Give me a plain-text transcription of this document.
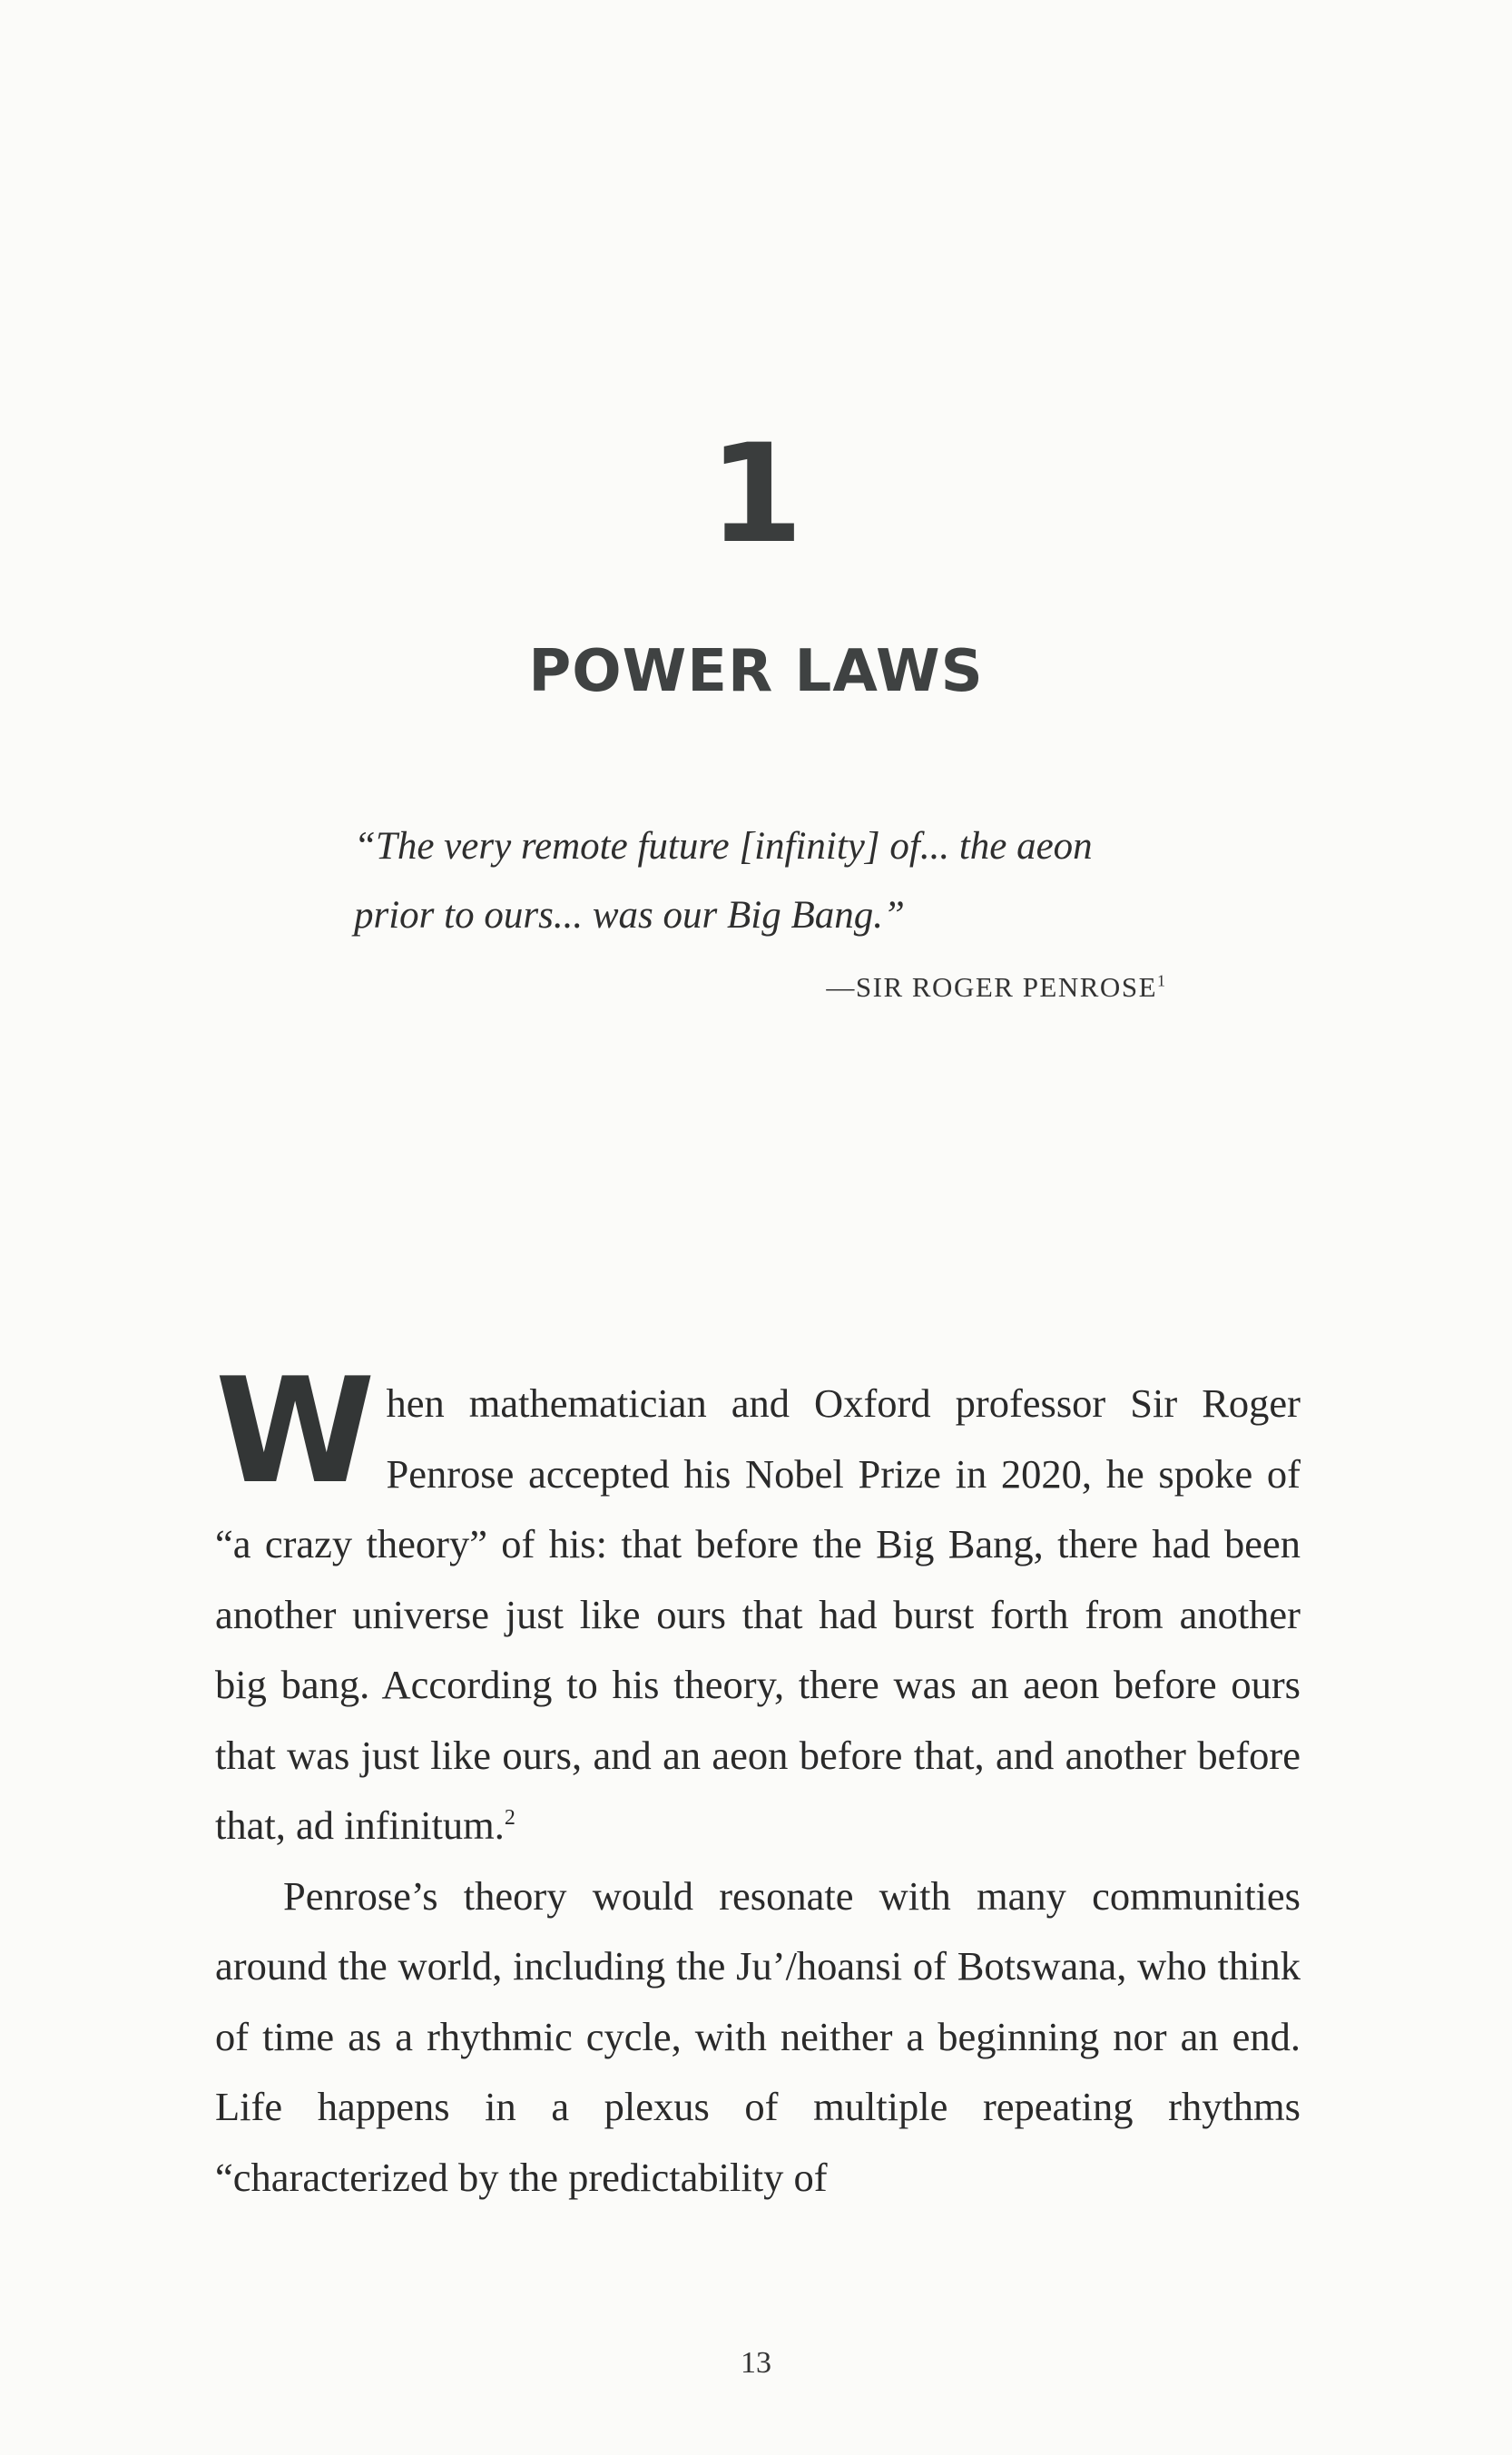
1
POWER LAWS
“The very remote future [infinity] of... the aeon prior to ours... was our Big Bang.”
—SIR ROGER PENROSE$^1$

When mathematician and Oxford professor Sir Roger Penrose accepted his Nobel Prize in 2020, he spoke of “a crazy theory” of his: that before the Big Bang, there had been another universe just like ours that had burst forth from another big bang. According to his theory, there was an aeon before ours that was just like ours, and an aeon before that, and another before that, ad infinitum.$^2$

Penrose’s theory would resonate with many communities around the world, including the Ju’/hoansi of Botswana, who think of time as a rhythmic cycle, with neither a beginning nor an end. Life happens in a plexus of multiple repeating rhythms “characterized by the predictability of

13
